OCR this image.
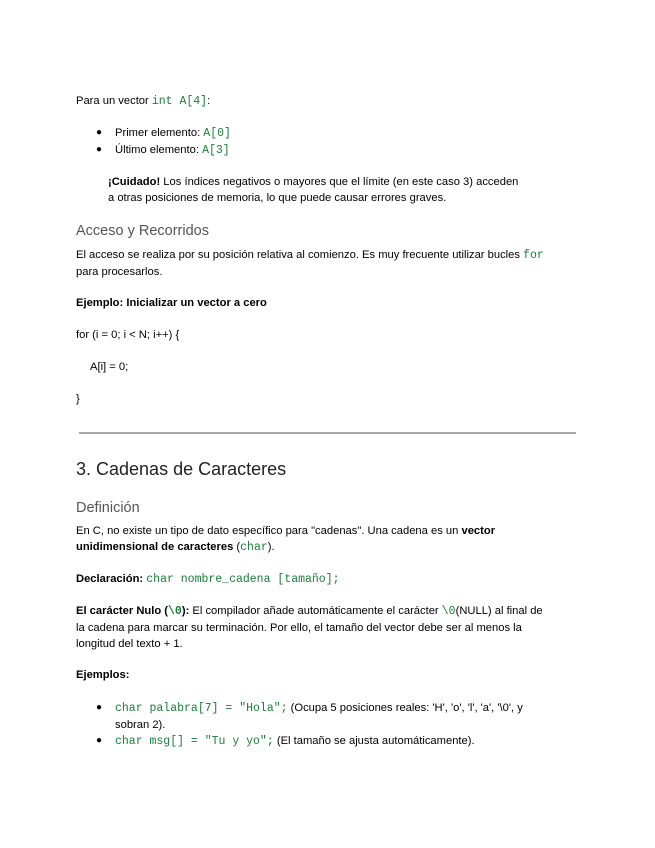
Para un vector int A[4]:

● Primer elemento: A[0]
● Último elemento: A[3]

¡Cuidado! Los índices negativos o mayores que el límite (en este caso 3) acceden

a otras posiciones de memoria, lo que puede causar errores graves.

Acceso y Recorridos

El acceso se realiza por su posición relativa al comienzo. Es muy frecuente utilizar bucles for

para procesarlos.

Ejemplo: Inicializar un vector a cero

for (i = 0; i < N; i++) {

A[i] = 0;

}

3. Cadenas de Caracteres
Definición

En C, no existe un tipo de dato específico para "cadenas". Una cadena es un vector

unidimensional de caracteres (char).

Declaración: char nombre_cadena [tamaño];

El carácter Nulo (\0): El compilador añade automáticamente el carácter \0(NULL) al final de

la cadena para marcar su terminación. Por ello, el tamaño del vector debe ser al menos la

longitud del texto + 1.

Ejemplos:

● char palabra[7] = "Hola"; (Ocupa 5 posiciones reales: 'H', 'o', 'l', 'a', '\0', y
sobran 2).
● char msg[] = "Tu y yo"; (El tamaño se ajusta automáticamente).
